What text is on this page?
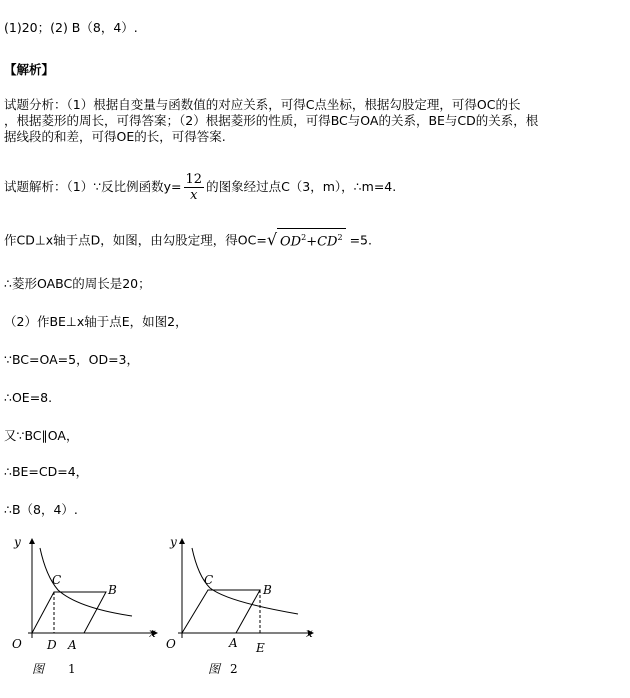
(1)20；(2) B（8，4）.
【解析】
试题分析：（1）根据自变量与函数值的对应关系，可得C点坐标，根据勾股定理，可得OC的长
，根据菱形的周长，可得答案；（2）根据菱形的性质，可得BC与OA的关系，BE与CD的关系，根
据线段的和差，可得OE的长，可得答案.
试题解析：（1）∵反比例函数$y= \frac{12}{x}$ 的图象经过点C（3，m），∴m=4.
作CD⊥x轴于点D，如图，由勾股定理，得OC=√ $OD^2+CD^2 =5$.
∴菱形OABC的周长是20；
（2）作BE⊥x轴于点E，如图2，
∵BC=OA=5，OD=3，
∴OE=8.
又∵BC∥OA，
∴BE=CD=4，
∴B（8，4）.
y
x
O
C
B
D A
图 1
y
x
O
C
B
A E
图 2
